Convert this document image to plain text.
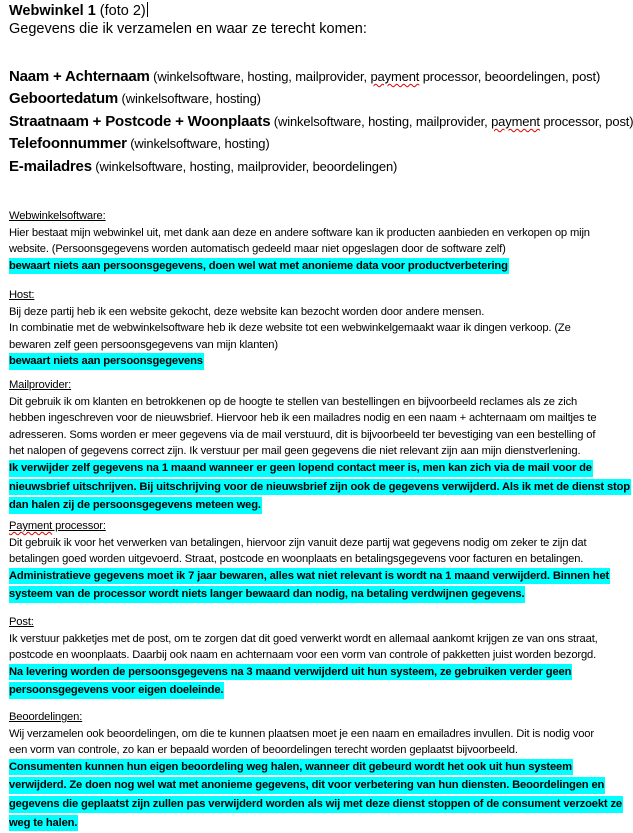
Webwinkel 1 (foto 2)
Gegevens die ik verzamelen en waar ze terecht komen:
Naam + Achternaam (winkelsoftware, hosting, mailprovider, payment processor, beoordelingen, post)
Geboortedatum (winkelsoftware, hosting)
Straatnaam + Postcode + Woonplaats (winkelsoftware, hosting, mailprovider, payment processor, post)
Telefoonnummer (winkelsoftware, hosting)
E-mailadres (winkelsoftware, hosting, mailprovider, beoordelingen)
Webwinkelsoftware:
Hier bestaat mijn webwinkel uit, met dank aan deze en andere software kan ik producten aanbieden en verkopen op mijn
website. (Persoonsgegevens worden automatisch gedeeld maar niet opgeslagen door de software zelf)
bewaart niets aan persoonsgegevens, doen wel wat met anonieme data voor productverbetering
Host:
Bij deze partij heb ik een website gekocht, deze website kan bezocht worden door andere mensen.
In combinatie met de webwinkelsoftware heb ik deze website tot een webwinkelgemaakt waar ik dingen verkoop. (Ze
bewaren zelf geen persoonsgegevens van mijn klanten)
bewaart niets aan persoonsgegevens
Mailprovider:
Dit gebruik ik om klanten en betrokkenen op de hoogte te stellen van bestellingen en bijvoorbeeld reclames als ze zich
hebben ingeschreven voor de nieuwsbrief. Hiervoor heb ik een mailadres nodig en een naam + achternaam om mailtjes te
adresseren. Soms worden er meer gegevens via de mail verstuurd, dit is bijvoorbeeld ter bevestiging van een bestelling of
het nalopen of gegevens correct zijn. Ik verstuur per mail geen gegevens die niet relevant zijn aan mijn dienstverlening.
Ik verwijder zelf gegevens na 1 maand wanneer er geen lopend contact meer is, men kan zich via de mail voor de
nieuwsbrief uitschrijven. Bij uitschrijving voor de nieuwsbrief zijn ook de gegevens verwijderd. Als ik met de dienst stop
dan halen zij de persoonsgegevens meteen weg.
Payment processor:
Dit gebruik ik voor het verwerken van betalingen, hiervoor zijn vanuit deze partij wat gegevens nodig om zeker te zijn dat
betalingen goed worden uitgevoerd. Straat, postcode en woonplaats en betalingsgegevens voor facturen en betalingen.
Administratieve gegevens moet ik 7 jaar bewaren, alles wat niet relevant is wordt na 1 maand verwijderd. Binnen het
systeem van de processor wordt niets langer bewaard dan nodig, na betaling verdwijnen gegevens.
Post:
Ik verstuur pakketjes met de post, om te zorgen dat dit goed verwerkt wordt en allemaal aankomt krijgen ze van ons straat,
postcode en woonplaats. Daarbij ook naam en achternaam voor een vorm van controle of pakketten juist worden bezorgd.
Na levering worden de persoonsgegevens na 3 maand verwijderd uit hun systeem, ze gebruiken verder geen
persoonsgegevens voor eigen doeleinde.
Beoordelingen:
Wij verzamelen ook beoordelingen, om die te kunnen plaatsen moet je een naam en emailadres invullen. Dit is nodig voor
een vorm van controle, zo kan er bepaald worden of beoordelingen terecht worden geplaatst bijvoorbeeld.
Consumenten kunnen hun eigen beoordeling weg halen, wanneer dit gebeurd wordt het ook uit hun systeem
verwijderd. Ze doen nog wel wat met anonieme gegevens, dit voor verbetering van hun diensten. Beoordelingen en
gegevens die geplaatst zijn zullen pas verwijderd worden als wij met deze dienst stoppen of de consument verzoekt ze
weg te halen.
